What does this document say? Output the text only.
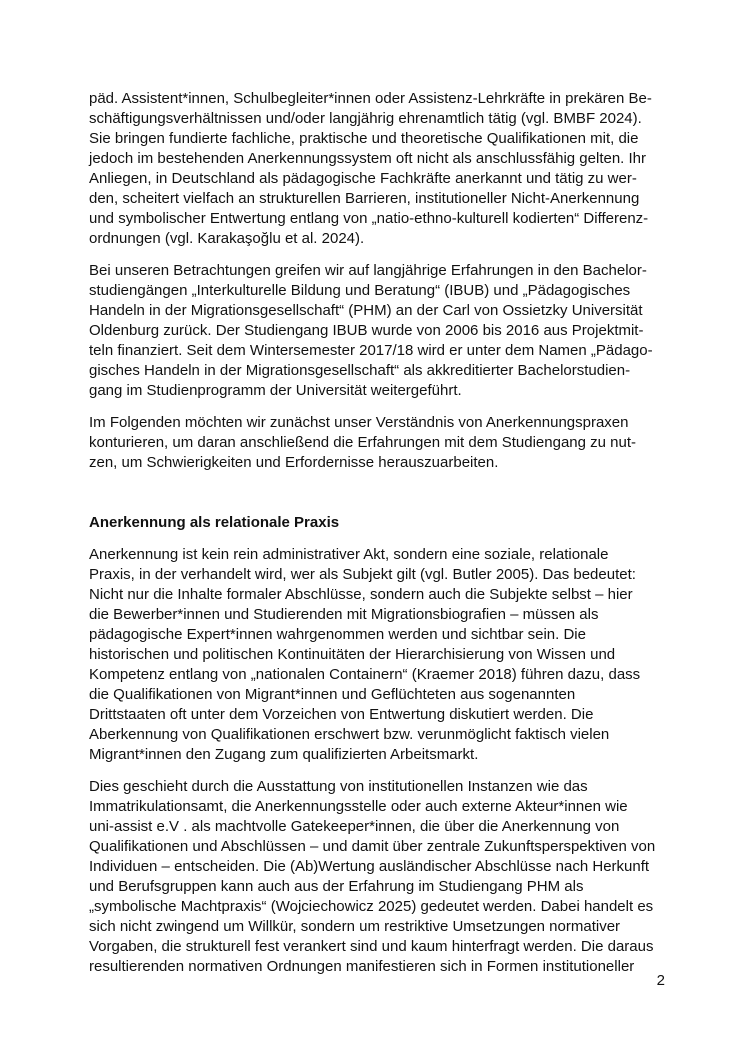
päd. Assistent*innen, Schulbegleiter*innen oder Assistenz-Lehrkräfte in prekären Be-
schäftigungsverhältnissen und/oder langjährig ehrenamtlich tätig (vgl. BMBF 2024).
Sie bringen fundierte fachliche, praktische und theoretische Qualifikationen mit, die
jedoch im bestehenden Anerkennungssystem oft nicht als anschlussfähig gelten. Ihr
Anliegen, in Deutschland als pädagogische Fachkräfte anerkannt und tätig zu wer-
den, scheitert vielfach an strukturellen Barrieren, institutioneller Nicht-Anerkennung
und symbolischer Entwertung entlang von „natio-ethno-kulturell kodierten“ Differenz-
ordnungen (vgl. Karakaşoğlu et al. 2024).
Bei unseren Betrachtungen greifen wir auf langjährige Erfahrungen in den Bachelor-
studiengängen „Interkulturelle Bildung und Beratung“ (IBUB) und „Pädagogisches
Handeln in der Migrationsgesellschaft“ (PHM) an der Carl von Ossietzky Universität
Oldenburg zurück. Der Studiengang IBUB wurde von 2006 bis 2016 aus Projektmit-
teln finanziert. Seit dem Wintersemester 2017/18 wird er unter dem Namen „Pädago-
gisches Handeln in der Migrationsgesellschaft“ als akkreditierter Bachelorstudien-
gang im Studienprogramm der Universität weitergeführt.
Im Folgenden möchten wir zunächst unser Verständnis von Anerkennungspraxen
konturieren, um daran anschließend die Erfahrungen mit dem Studiengang zu nut-
zen, um Schwierigkeiten und Erfordernisse herauszuarbeiten.
Anerkennung als relationale Praxis
Anerkennung ist kein rein administrativer Akt, sondern eine soziale, relationale
Praxis, in der verhandelt wird, wer als Subjekt gilt (vgl. Butler 2005). Das bedeutet:
Nicht nur die Inhalte formaler Abschlüsse, sondern auch die Subjekte selbst – hier
die Bewerber*innen und Studierenden mit Migrationsbiografien – müssen als
pädagogische Expert*innen wahrgenommen werden und sichtbar sein. Die
historischen und politischen Kontinuitäten der Hierarchisierung von Wissen und
Kompetenz entlang von „nationalen Containern“ (Kraemer 2018) führen dazu, dass
die Qualifikationen von Migrant*innen und Geflüchteten aus sogenannten
Drittstaaten oft unter dem Vorzeichen von Entwertung diskutiert werden. Die
Aberkennung von Qualifikationen erschwert bzw. verunmöglicht faktisch vielen
Migrant*innen den Zugang zum qualifizierten Arbeitsmarkt.
Dies geschieht durch die Ausstattung von institutionellen Instanzen wie das
Immatrikulationsamt, die Anerkennungsstelle oder auch externe Akteur*innen wie
uni-assist e.V . als machtvolle Gatekeeper*innen, die über die Anerkennung von
Qualifikationen und Abschlüssen – und damit über zentrale Zukunftsperspektiven von
Individuen – entscheiden. Die (Ab)Wertung ausländischer Abschlüsse nach Herkunft
und Berufsgruppen kann auch aus der Erfahrung im Studiengang PHM als
„symbolische Machtpraxis“ (Wojciechowicz 2025) gedeutet werden. Dabei handelt es
sich nicht zwingend um Willkür, sondern um restriktive Umsetzungen normativer
Vorgaben, die strukturell fest verankert sind und kaum hinterfragt werden. Die daraus
resultierenden normativen Ordnungen manifestieren sich in Formen institutioneller
2
